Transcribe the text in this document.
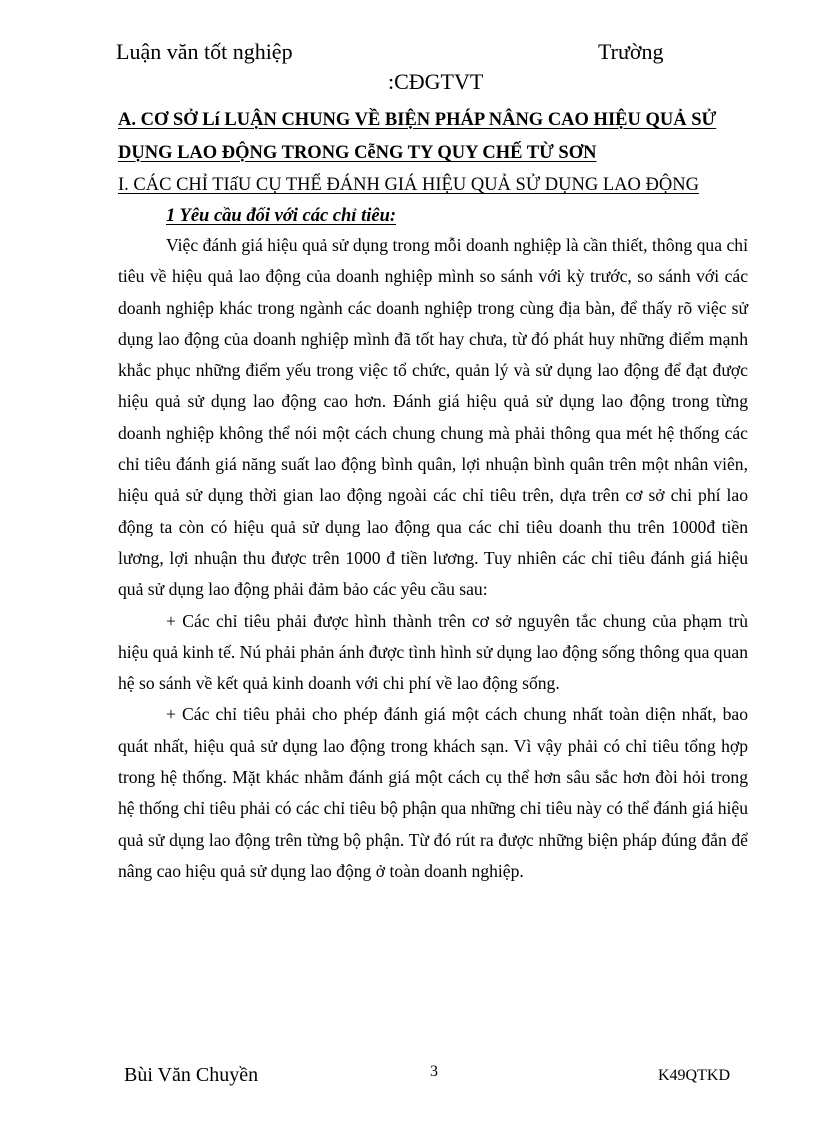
Luận văn tốt nghiệp	Trường
:CĐGTVT
A. CƠ SỞ Lí LUẬN CHUNG VỀ BIỆN PHÁP NÂNG CAO HIỆU QUẢ SỬ
DỤNG LAO ĐỘNG TRONG CễNG TY QUY CHẾ TỪ SƠN
I. CÁC CHỈ TIấU CỤ THỂ ĐÁNH GIÁ HIỆU QUẢ SỬ DỤNG LAO ĐỘNG
1 Yêu cầu đối với các chỉ tiêu:

Việc đánh giá hiệu quả sử dụng trong mỗi doanh nghiệp là cần thiết, thông qua chỉ tiêu về hiệu quả lao động của doanh nghiệp mình so sánh với kỳ trước, so sánh với các doanh nghiệp khác trong ngành các doanh nghiệp trong cùng địa bàn, để thấy rõ việc sử dụng lao động của doanh nghiệp mình đã tốt hay chưa, từ đó phát huy những điểm mạnh khắc phục những điểm yếu trong việc tổ chức, quản lý và sử dụng lao động để đạt được hiệu quả sử dụng lao động cao hơn. Đánh giá hiệu quả sử dụng lao động trong từng doanh nghiệp không thể nói một cách chung chung mà phải thông qua mét hệ thống các chỉ tiêu đánh giá năng suất lao động bình quân, lợi nhuận bình quân trên một nhân viên, hiệu quả sử dụng thời gian lao động ngoài các chỉ tiêu trên, dựa trên cơ sở chi phí lao động ta còn có hiệu quả sử dụng lao động qua các chỉ tiêu doanh thu trên 1000đ tiền lương, lợi nhuận thu được trên 1000 đ tiền lương. Tuy nhiên các chỉ tiêu đánh giá hiệu quả sử dụng lao động phải đảm bảo các yêu cầu sau:

+ Các chỉ tiêu phải được hình thành trên cơ sở nguyên tắc chung của phạm trù hiệu quả kinh tế. Nú phải phản ánh được tình hình sử dụng lao động sống thông qua quan hệ so sánh về kết quả kinh doanh với chi phí về lao động sống.

+ Các chỉ tiêu phải cho phép đánh giá một cách chung nhất toàn diện nhất, bao quát nhất, hiệu quả sử dụng lao động trong khách sạn. Vì vậy phải có chỉ tiêu tổng hợp trong hệ thống. Mặt khác nhằm đánh giá một cách cụ thể hơn sâu sắc hơn đòi hỏi trong hệ thống chỉ tiêu phải có các chỉ tiêu bộ phận qua những chỉ tiêu này có thể đánh giá hiệu quả sử dụng lao động trên từng bộ phận. Từ đó rút ra được những biện pháp đúng đắn để nâng cao hiệu quả sử dụng lao động ở toàn doanh nghiệp.

Bùi Văn Chuyền	3	K49QTKD
